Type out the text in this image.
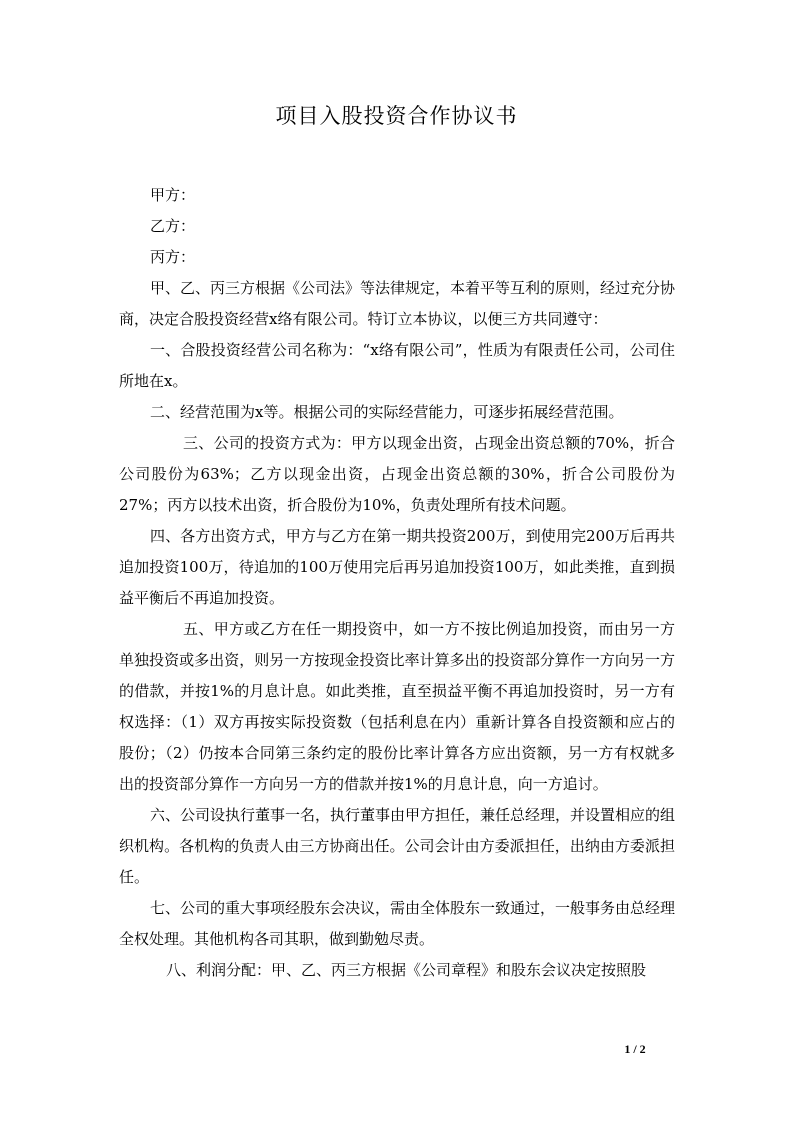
项目入股投资合作协议书

甲方：

乙方：

丙方：

甲、乙、丙三方根据《公司法》等法律规定，本着平等互利的原则，经过充分协商，决定合股投资经营x络有限公司。特订立本协议，以便三方共同遵守：

一、合股投资经营公司名称为：“x络有限公司”，性质为有限责任公司，公司住所地在x。

二、经营范围为x等。根据公司的实际经营能力，可逐步拓展经营范围。

三、公司的投资方式为：甲方以现金出资，占现金出资总额的70%，折合公司股份为63%；乙方以现金出资，占现金出资总额的30%，折合公司股份为27%；丙方以技术出资，折合股份为10%，负责处理所有技术问题。

四、各方出资方式，甲方与乙方在第一期共投资200万，到使用完200万后再共追加投资100万，待追加的100万使用完后再另追加投资100万，如此类推，直到损益平衡后不再追加投资。

五、甲方或乙方在任一期投资中，如一方不按比例追加投资，而由另一方单独投资或多出资，则另一方按现金投资比率计算多出的投资部分算作一方向另一方的借款，并按1%的月息计息。如此类推，直至损益平衡不再追加投资时，另一方有权选择：（1）双方再按实际投资数（包括利息在内）重新计算各自投资额和应占的股份；（2）仍按本合同第三条约定的股份比率计算各方应出资额，另一方有权就多出的投资部分算作一方向另一方的借款并按1%的月息计息，向一方追讨。

六、公司设执行董事一名，执行董事由甲方担任，兼任总经理，并设置相应的组织机构。各机构的负责人由三方协商出任。公司会计由方委派担任，出纳由方委派担任。

七、公司的重大事项经股东会决议，需由全体股东一致通过，一般事务由总经理全权处理。其他机构各司其职，做到勤勉尽责。

八、利润分配：甲、乙、丙三方根据《公司章程》和股东会议决定按照股

1 / 2
